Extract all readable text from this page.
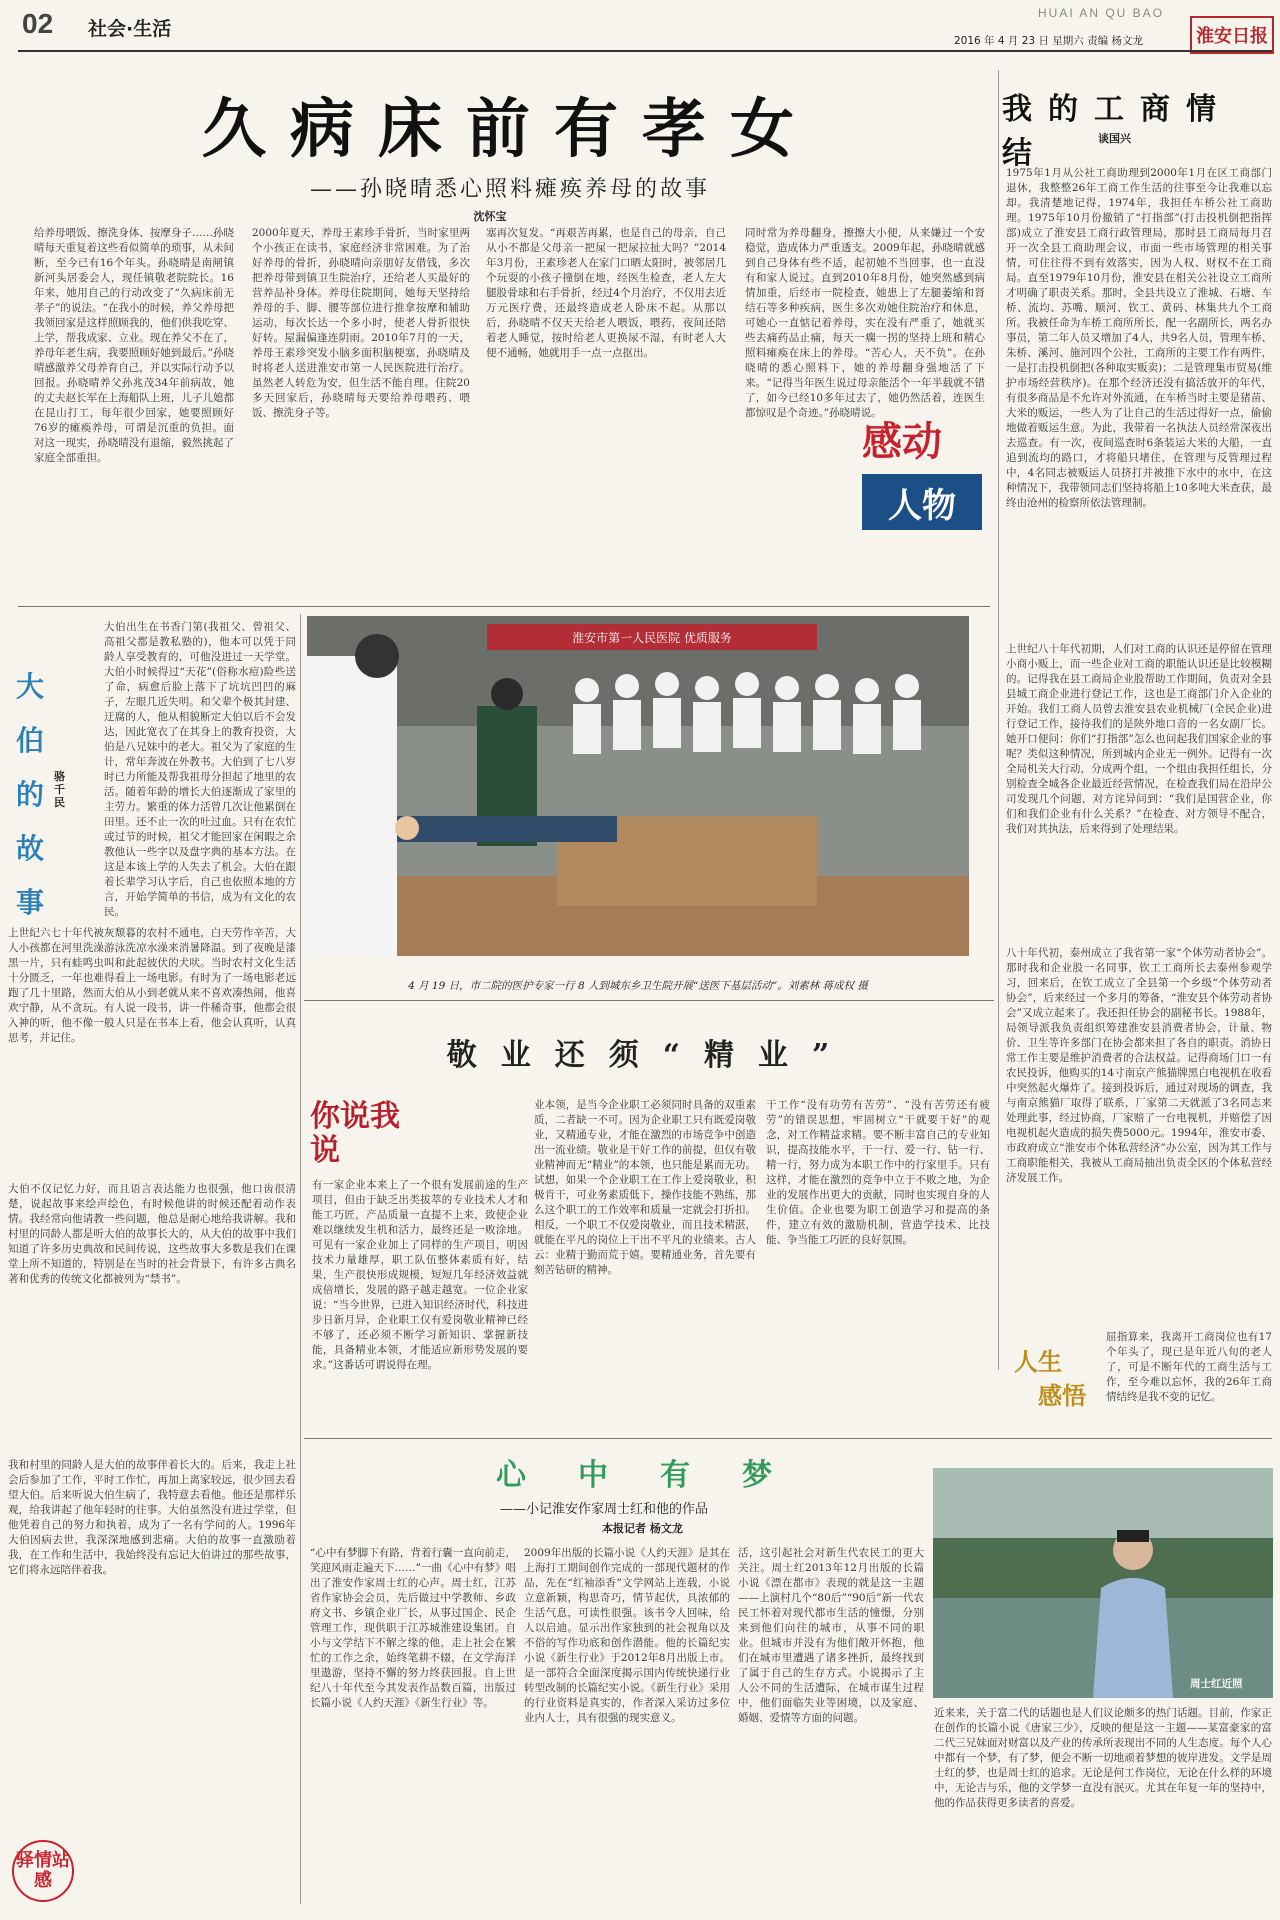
02 社会·生活
HUAI AN QU BAO
2016 年 4 月 23 日 星期六 责编 杨文龙	淮安日报
久病床前有孝女
——孙晓晴悉心照料瘫痪养母的故事
沈怀宝
给养母喂饭、擦洗身体、按摩身子……孙晓晴每天重复着这些看似简单的琐事，从未间断，至今已有16个年头。孙晓晴是南闸镇新河头居委会人，现任镇敬老院院长。16年来，她用自己的行动改变了“久病床前无孝子”的说法。“在我小的时候，养父养母把我领回家是这样照顾我的，他们供我吃穿、上学，帮我成家、立业。现在养父不在了，养母年老生病，我要照顾好她到最后。”孙晓晴感激养父母养育自己，并以实际行动予以回报。孙晓晴养父孙兆茂34年前病故，她的丈夫赵长军在上海船队上班，儿子儿媳都在昆山打工，每年很少回家，她要照顾好76岁的瘫痪养母，可谓是沉重的负担。面对这一现实，孙晓晴没有退缩，毅然挑起了家庭全部重担。
2000年夏天，养母王素珍手骨折，当时家里两个小孩正在读书，家庭经济非常困难。为了治好养母的骨折，孙晓晴向亲朋好友借钱，多次把养母带到镇卫生院治疗，还给老人买最好的营养品补身体。养母住院期间，她每天坚持给养母的手、脚、腰等部位进行推拿按摩和辅助运动，每次长达一个多小时，使老人骨折很快好转。屋漏偏逢连阴雨。2010年7月的一天，养母王素珍突发小脑多面积脑梗塞，孙晓晴及时将老人送进淮安市第一人民医院进行治疗。虽然老人转危为安，但生活不能自理。住院20多天回家后，孙晓晴每天要给养母喂药、喂饭、擦洗身子等。
塞再次复发。“再艰苦再累，也是自己的母亲，自己从小不都是父母亲一把屎一把尿拉扯大吗？”2014年3月份，王素珍老人在家门口晒太阳时，被邻居几个玩耍的小孩子撞倒在地，经医生检查，老人左大腿股骨球和右手骨折，经过4个月治疗，不仅用去近万元医疗费，还最终造成老人卧床不起。从那以后，孙晓晴不仅天天给老人喂饭，喂药，夜间还陪着老人睡觉，按时给老人更换尿不湿，有时老人大便不通畅，她就用手一点一点抠出。
同时常为养母翻身，擦擦大小便，从来嫌过一个安稳觉，造成体力严重透支。2009年起，孙晓晴就感到自己身体有些不适，起初她不当回事，也一直没有和家人说过。直到2010年8月份，她突然感到病情加重，后经市一院检查，她患上了左腿萎缩和肾结石等多种疾病，医生多次劝她住院治疗和休息，可她心一直惦记着养母，实在没有严重了，她就买些去痛药品止痛，每天一瘸一拐的坚持上班和精心照料瘫痪在床上的养母。“苦心人，天不负”。在孙晓晴的悉心照料下，她的养母翻身强地活了下来。“记得当年医生说过母亲能活个一年半载就不错了，如今已经10多年过去了，她仍然活着，连医生都惊叹是个奇迹。”孙晓晴说。
感动
人物
我的工商情结	谈国兴
1975年1月从公社工商助理到2000年1月在区工商部门退休，我整整26年工商工作生活的往事至今让我难以忘却。我清楚地记得，1974年，我担任车桥公社工商助理。1975年10月份撤销了“打指部”(打击投机倒把指挥部)成立了淮安县工商行政管理局，那时县工商局每月召开一次全县工商助理会议，市面一些市场管理的相关事情，可住往得不到有效落实，因为人权、财权不在工商局。直至1979年10月份，淮安县在相关公社设立工商所才明确了职责关系。那时，全县共设立了淮城、石塘、车桥、流均、苏嘴、顺河、钦工、黄码、林集共九个工商所。我被任命为车桥工商所所长，配一名副所长，两名办事员，第二年人员又增加了4人，共9名人员，管理车桥、朱桥、溪河、施河四个公社，工商所的主要工作有两件，一是打击投机倒把(各种取实贩卖)；二是管理集市贸易(维护市场经营秩序)。在那个经济还没有搞活放开的年代，有很多商品是不允许对外流通，在车桥当时主要是猪苗、大米的贩运，一些人为了让自己的生活过得好一点，偷偷地做着贩运生意。为此，我带着一名执法人员经常深夜出去巡查。有一次，夜间巡查时6条装运大米的大船，一直追到流均的路口，才将船只堵住，在管理与反管理过程中，4名同志被贩运人员挤打并被推下水中的水中，在这种情况下，我带领同志们坚持将船上10多吨大米查获，最终由沧州的检察所依法管理制。
上世纪八十年代初期，人们对工商的认识还是停留在管理小商小贩上，而一些企业对工商的职能认识还是比较模糊的。记得我在县工商局企业股帮助工作期间，负责对全县县城工商企业进行登记工作，这也是工商部门介入企业的开始。我们工商人员曾去淮安县农业机械厂(全民企业)进行登记工作，接待我们的是陕外地口音的一名女副厂长。她开口便问：你们“打指部”怎么也问起我们国家企业的事呢？类似这种情况，所到城内企业无一例外。记得有一次全局机关大行动，分成两个组，一个组由我担任组长，分别检查全城各企业最近经营情况，在检查我们局在沿岸公司发现几个问题，对方诧异问到：“我们是国营企业，你们和我们企业有什么关系？”在检查、对方领导不配合，我们对其执法，后来得到了处理结果。
八十年代初，泰州成立了我省第一家“个体劳动者协会”。那时我和企业股一名同事，钦工工商所长去泰州参观学习，回来后，在钦工成立了全县第一个乡级“个体劳动者协会”，后来经过一个多月的筹备，“淮安县个体劳动者协会”又成立起来了。我还担任协会的副秘书长。1988年，局领导派我负责组织筹建淮安县消费者协会，计量、物价、卫生等许多部门在协会都来担了各自的职责。消协日常工作主要是维护消费者的合法权益。记得商场门口一有农民投诉，他购买的14寸南京产熊猫牌黑白电视机在收看中突然起火爆炸了。接到投诉后，通过对现场的调查，我与南京熊猫厂取得了联系，厂家第二天就派了3名同志来处理此事，经过协商，厂家赔了一台电视机，并赔偿了因电视机起火造成的损失费5000元。1994年，淮安市委、市政府成立“淮安市个体私营经济”办公室，因为其工作与工商职能相关，我被从工商局抽出负责全区的个体私营经济发展工作。
人生
感悟
屈指算来，我离开工商岗位也有17个年头了，现已是年近八旬的老人了，可是不断年代的工商生活与工作，至今难以忘怀，我的26年工商情结终是我不变的记忆。
大伯的故事
骆千民
大伯出生在书香门第(我祖父、曾祖父、高祖父都是教私塾的)，他本可以凭于同龄人享受教育的，可他没进过一天学堂。大伯小时候得过“天花”(俗称水痘)险些送了命，病愈后脸上落下了坑坑凹凹的麻子，左眼几近失明。和父辈个极其封建、迂腐的人，他从相貌断定大伯以后不会发达，因此宽衣了在其身上的教育投资，大伯是八兄妹中的老大。祖父为了家庭的生计，常年奔波在外教书。大伯到了七八岁时已力所能及帮我祖母分担起了地里的农活。随着年龄的增长大伯逐渐成了家里的主劳力。繁重的体力活曾几次让他累倒在田里。还不止一次的吐过血。只有在农忙或过节的时候，祖父才能回家在闲暇之余教他认一些字以及盘字典的基本方法。在这是本该上学的人失去了机会。大伯在跟着长辈学习认字后，自己也依照本地的方言，开始学简单的书信，成为有文化的农民。
上世纪六七十年代被灰颓暮的农村不通电，白天劳作辛苦，大人小孩都在河里洗澡游泳洗凉水澡来消暑降温。到了夜晚是漆黑一片，只有蛙鸣虫叫和此起彼伏的犬吠。当时农村文化生活十分匮乏，一年也难得看上一场电影。有时为了一场电影老远跑了几十里路，然而大伯从小到老就从来不喜欢凑热闹，他喜欢宁静，从不贪玩。有人说一段书，讲一件稀奇事，他都会很入神的听，他不像一般人只是在书本上看，他会认真听，认真思考，并记住。
大伯不仅记忆力好，而且语言表达能力也很强，他口齿很清楚，说起故事来绘声绘色，有时候他讲的时候还配着动作表情。我经常向他请教一些问题，他总是耐心地给我讲解。我和村里的同龄人都是听大伯的故事长大的，从大伯的故事中我们知道了许多历史典故和民间传说，这些故事大多数是我们在课堂上所不知道的，特别是在当时的社会背景下，有许多古典名著和优秀的传统文化都被列为“禁书”。
我和村里的同龄人是大伯的故事伴着长大的。后来，我走上社会后参加了工作，平时工作忙，再加上离家较远，很少回去看望大伯。后来听说大伯生病了，我特意去看他。他还是那样乐观，给我讲起了他年轻时的往事。大伯虽然没有进过学堂，但他凭着自己的努力和执着，成为了一名有学问的人。1996年大伯因病去世，我深深地感到悲痛。大伯的故事一直激励着我，在工作和生活中，我始终没有忘记大伯讲过的那些故事，它们将永远陪伴着我。
淮安市第一人民医院 优质服务
4 月 19 日，市二院的医护专家一行 8 人到城东乡卫生院开展“送医下基层活动”。刘素林 蒋成权 摄
敬业还须“精业”
你说我说
有一家企业本来上了一个很有发展前途的生产项目，但由于缺乏出类拔萃的专业技术人才和能工巧匠，产品质量一直提不上来，致使企业难以继续发生机和活力，最终还是一败涂地。可见有一家企业加上了同样的生产项目，明因技术力量雄厚，职工队伍整体素质有好，结果，生产很快形成规模，短短几年经济效益就成倍增长，发展的路子越走越宽。一位企业家说：“当今世界，已进入知识经济时代，科技进步日新月异，企业职工仅有爱岗敬业精神已经不够了，还必须不断学习新知识、掌握新技能，具备精业本领，才能适应新形势发展的要求。”这番话可谓说得在理。
业本领，是当今企业职工必须同时具备的双重素质，二者缺一不可。因为企业职工只有既爱岗敬业，又精通专业，才能在激烈的市场竞争中创造出一流业绩。敬业是干好工作的前提，但仅有敬业精神而无“精业”的本领，也只能是累而无功。试想，如果一个企业职工在工作上爱岗敬业，积极肯干，可业务素质低下，操作技能不熟练，那么这个职工的工作效率和质量一定就会打折扣。相反，一个职工不仅爱岗敬业，而且技术精湛，就能在平凡的岗位上干出不平凡的业绩来。古人云：业精于勤而荒于嬉。要精通业务，首先要有刻苦钻研的精神。
干工作“没有功劳有苦劳”、“没有苦劳还有疲劳”的错误思想，牢固树立“干就要干好”的观念，对工作精益求精。要不断丰富自己的专业知识，提高技能水平，干一行、爱一行、钻一行、精一行，努力成为本职工作中的行家里手。只有这样，才能在激烈的竞争中立于不败之地，为企业的发展作出更大的贡献，同时也实现自身的人生价值。企业也要为职工创造学习和提高的条件，建立有效的激励机制，营造学技术、比技能、争当能工巧匠的良好氛围。
心中有梦
——小记淮安作家周士红和他的作品
本报记者 杨文龙
“心中有梦脚下有路，背着行囊一直向前走，笑迎风雨走遍天下……”一曲《心中有梦》唱出了淮安作家周士红的心声。周士红，江苏省作家协会会员，先后做过中学教师、乡政府文书、乡镇企业厂长，从事过国企、民企管理工作，现供职于江苏城淮建设集团。自小与文学结下不解之缘的他，走上社会在繁忙的工作之余，始终笔耕不辍，在文学海洋里遨游，坚持不懈的努力终获回报。自上世纪八十年代至今其发表作品数百篇，出版过长篇小说《人约天涯》《新生行业》等。
2009年出版的长篇小说《人约天涯》是其在上海打工期间创作完成的一部现代题材的作品，先在“红袖添香”文学网站上连载，小说立意新颖，构思奇巧，情节起伏，具浓郁的生活气息，可读性很强。该书令人回味，给人以启迪。显示出作家独到的社会视角以及不俗的写作功底和创作潜能。他的长篇纪实小说《新生行业》于2012年8月出版上市。是一部符合全面深度揭示国内传统快递行业转型改制的长篇纪实小说。《新生行业》采用的行业资料是真实的，作者深入采访过多位业内人士，具有很强的现实意义。
活，这引起社会对新生代农民工的更大关注。周士红2013年12月出版的长篇小说《漂在都市》表现的就是这一主题——上演村几个“80后”“90后”新一代农民工怀着对现代都市生活的憧憬，分别来到他们向往的城市，从事不同的职业。但城市并没有为他们敞开怀抱，他们在城市里遭遇了诸多挫折，最终找到了属于自己的生存方式。小说揭示了主人公不同的生活遭际，在城市谋生过程中，他们面临失业等困境，以及家庭、婚姻、爱情等方面的问题。
周士红近照
近来来，关于富二代的话题也是人们议论颇多的热门话题。目前，作家正在创作的长篇小说《唐家三少》，反映的便是这一主题——某富豪家的富二代三兄妹面对财富以及产业的传承所表现出不同的人生态度。每个人心中都有一个梦，有了梦，便会不断一切地顽着梦想的彼岸进发。文学是周士红的梦，也是周士红的追求。无论是何工作岗位，无论在什么样的环境中，无论吉与乐，他的文学梦一直没有泯灭。尤其在年复一年的坚持中，他的作品获得更多读者的喜爱。
驿情站感
